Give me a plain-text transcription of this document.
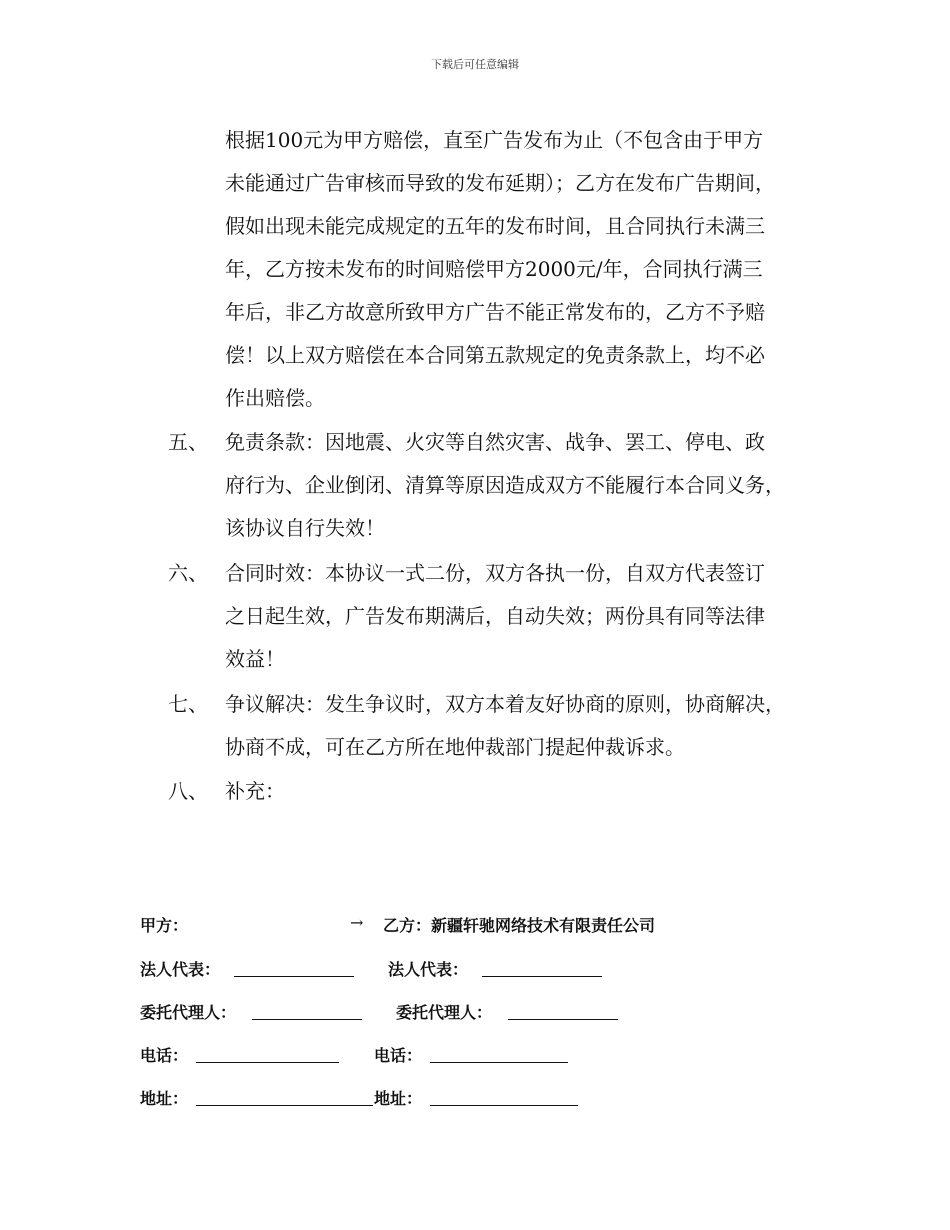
下载后可任意编辑
根据100元为甲方赔偿，直至广告发布为止（不包含由于甲方
未能通过广告审核而导致的发布延期）；乙方在发布广告期间，
假如出现未能完成规定的五年的发布时间，且合同执行未满三
年，乙方按未发布的时间赔偿甲方2000元/年，合同执行满三
年后，非乙方故意所致甲方广告不能正常发布的，乙方不予赔
偿！以上双方赔偿在本合同第五款规定的免责条款上，均不必
作出赔偿。
五、 免责条款：因地震、火灾等自然灾害、战争、罢工、停电、政
府行为、企业倒闭、清算等原因造成双方不能履行本合同义务，
该协议自行失效！
六、 合同时效：本协议一式二份，双方各执一份，自双方代表签订
之日起生效，广告发布期满后，自动失效；两份具有同等法律
效益！
七、 争议解决：发生争议时，双方本着友好协商的原则，协商解决，
协商不成，可在乙方所在地仲裁部门提起仲裁诉求。
八、 补充：
甲方：	→ 乙方：新疆轩驰网络技术有限责任公司
法人代表：	法人代表：
委托代理人：	委托代理人：
电话：	电话：
地址：	地址：
